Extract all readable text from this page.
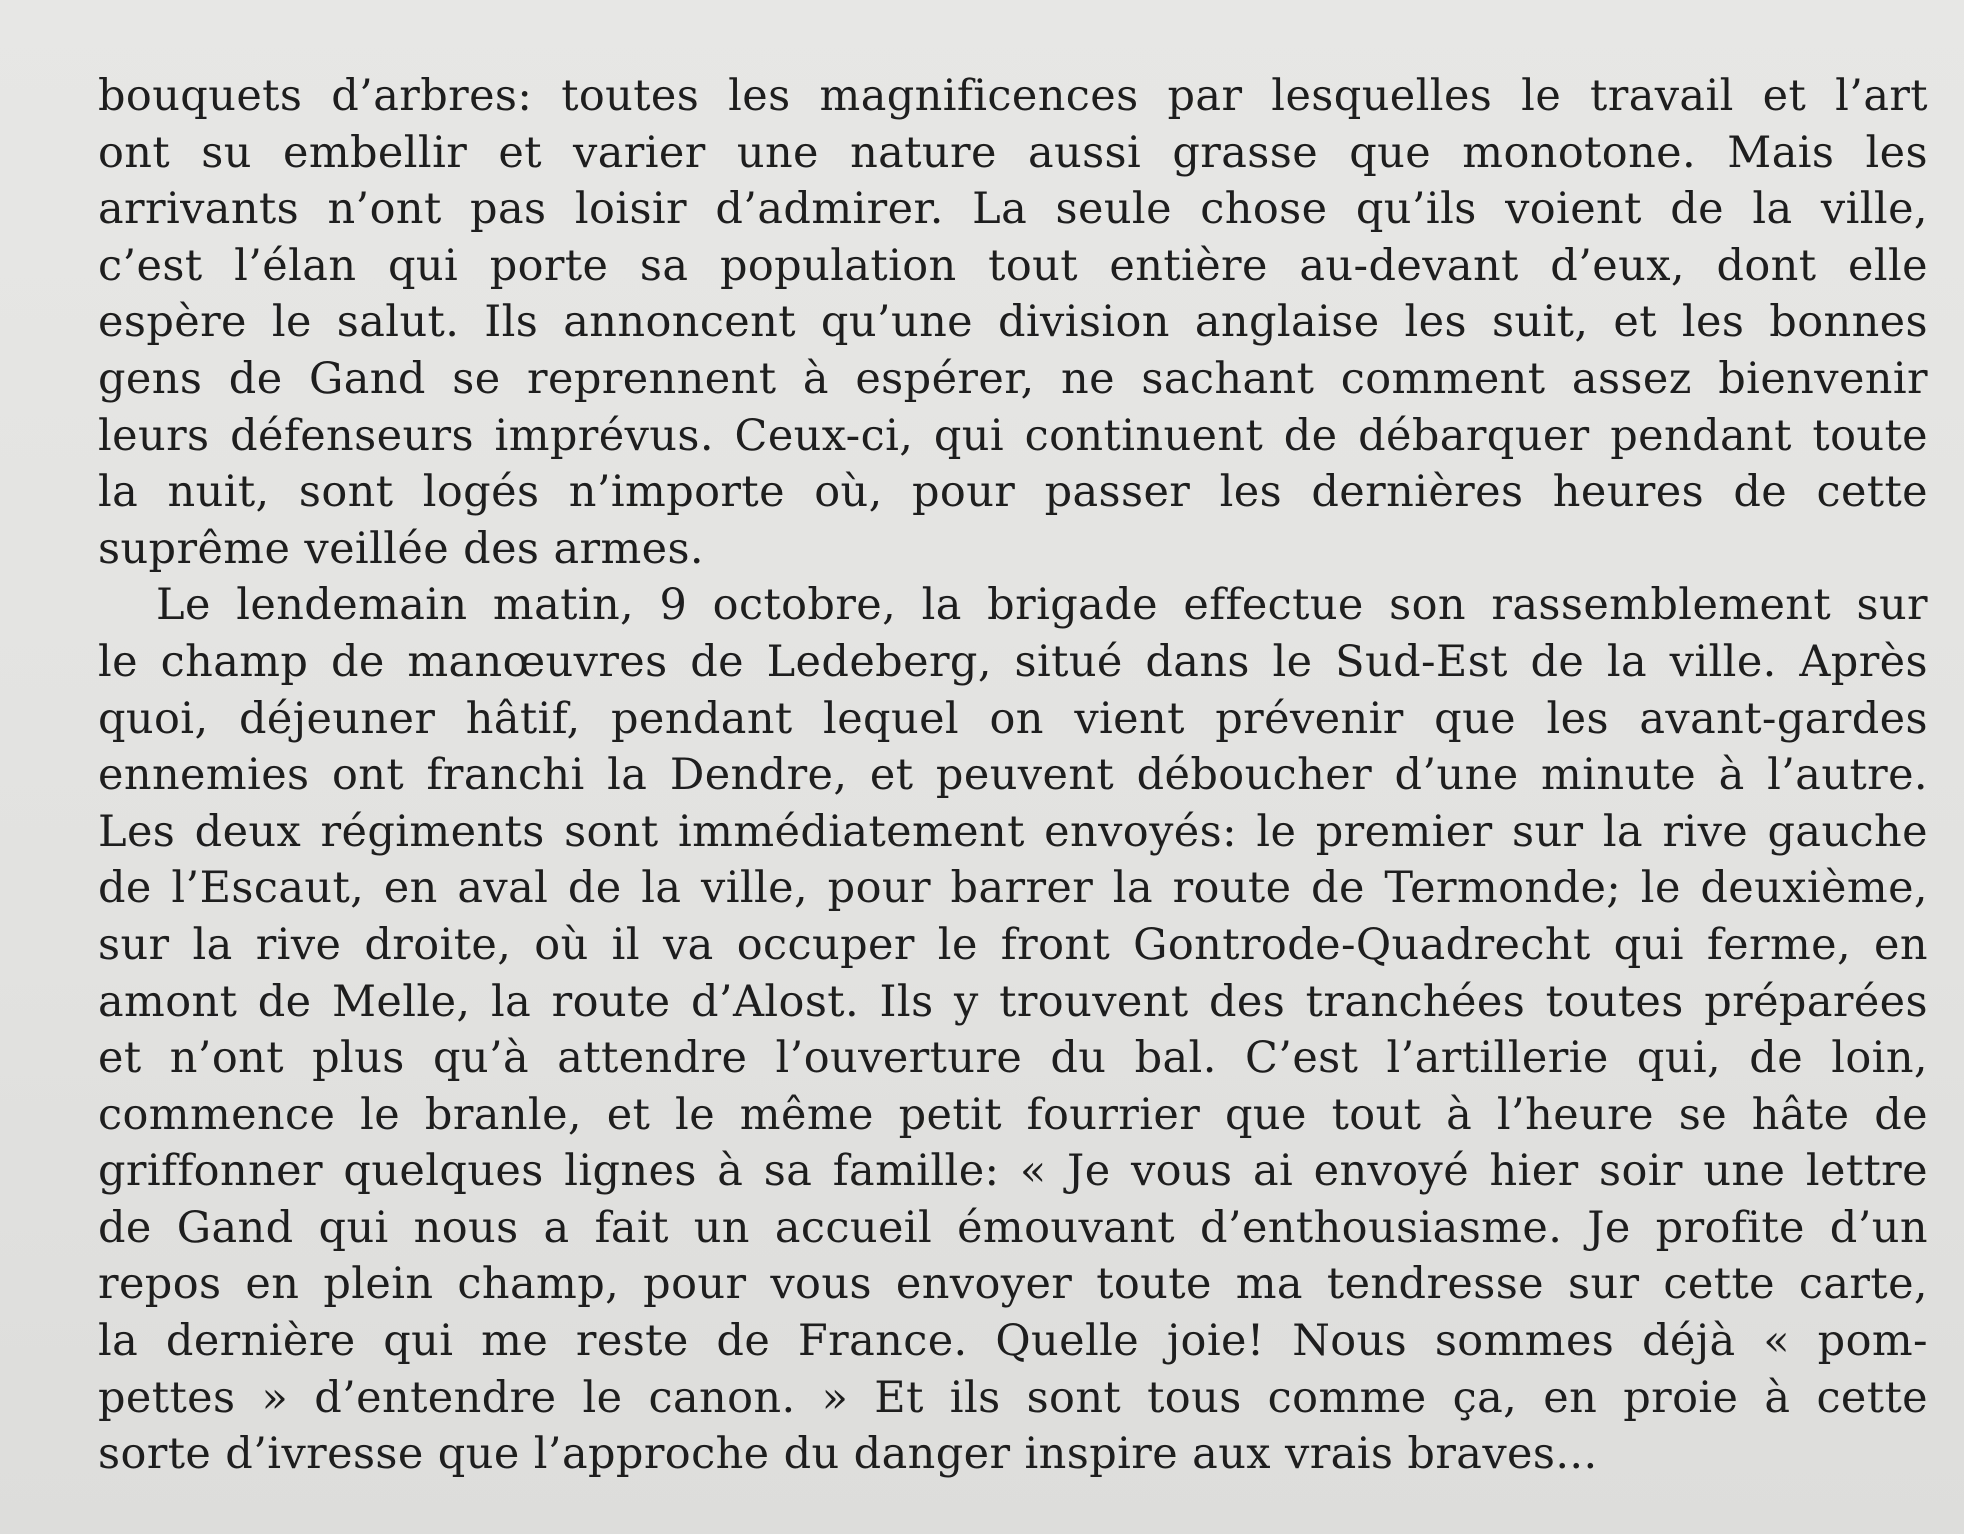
bouquets d’arbres: toutes les magnificences par lesquelles le travail et l’art
ont su embellir et varier une nature aussi grasse que monotone. Mais les
arrivants n’ont pas loisir d’admirer. La seule chose qu’ils voient de la ville,
c’est l’élan qui porte sa population tout entière au-devant d’eux, dont elle
espère le salut. Ils annoncent qu’une division anglaise les suit, et les bonnes
gens de Gand se reprennent à espérer, ne sachant comment assez bienvenir
leurs défenseurs imprévus. Ceux-ci, qui continuent de débarquer pendant toute
la nuit, sont logés n’importe où, pour passer les dernières heures de cette
suprême veillée des armes.
Le lendemain matin, 9 octobre, la brigade effectue son rassemblement sur
le champ de manœuvres de Ledeberg, situé dans le Sud-Est de la ville. Après
quoi, déjeuner hâtif, pendant lequel on vient prévenir que les avant-gardes
ennemies ont franchi la Dendre, et peuvent déboucher d’une minute à l’autre.
Les deux régiments sont immédiatement envoyés: le premier sur la rive gauche
de l’Escaut, en aval de la ville, pour barrer la route de Termonde; le deuxième,
sur la rive droite, où il va occuper le front Gontrode-Quadrecht qui ferme, en
amont de Melle, la route d’Alost. Ils y trouvent des tranchées toutes préparées
et n’ont plus qu’à attendre l’ouverture du bal. C’est l’artillerie qui, de loin,
commence le branle, et le même petit fourrier que tout à l’heure se hâte de
griffonner quelques lignes à sa famille: « Je vous ai envoyé hier soir une lettre
de Gand qui nous a fait un accueil émouvant d’enthousiasme. Je profite d’un
repos en plein champ, pour vous envoyer toute ma tendresse sur cette carte,
la dernière qui me reste de France. Quelle joie! Nous sommes déjà « pom-
pettes » d’entendre le canon. » Et ils sont tous comme ça, en proie à cette
sorte d’ivresse que l’approche du danger inspire aux vrais braves...
